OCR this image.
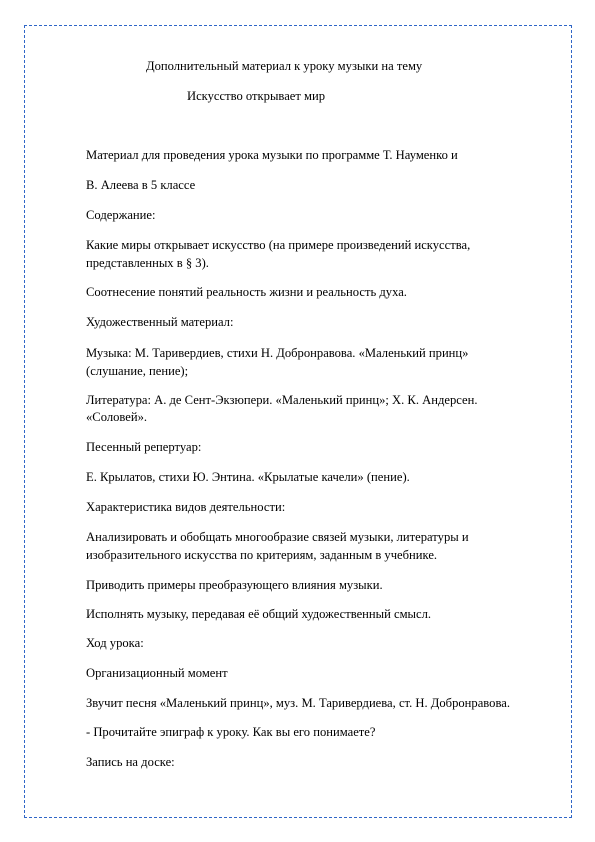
Дополнительный материал к уроку музыки на тему
Искусство открывает мир
Материал для проведения урока музыки по программе Т. Науменко и
В. Алеева в 5 классе
Содержание:
Какие миры открывает искусство (на примере произведений искусства,
представленных в § 3).
Соотнесение понятий реальность жизни и реальность духа.
Художественный материал:
Музыка: М. Таривердиев, стихи Н. Добронравова. «Маленький принц»
(слушание, пение);
Литература: А. де Сент-Экзюпери. «Маленький принц»; Х. К. Андерсен.
«Соловей».
Песенный репертуар:
Е. Крылатов, стихи Ю. Энтина. «Крылатые качели» (пение).
Характеристика видов деятельности:
Анализировать и обобщать многообразие связей музыки, литературы и
изобразительного искусства по критериям, заданным в учебнике.
Приводить примеры преобразующего влияния музыки.
Исполнять музыку, передавая её общий художественный смысл.
Ход урока:
Организационный момент
Звучит песня «Маленький принц», муз. М. Таривердиева, ст. Н. Добронравова.
- Прочитайте эпиграф к уроку. Как вы его понимаете?
Запись на доске:
